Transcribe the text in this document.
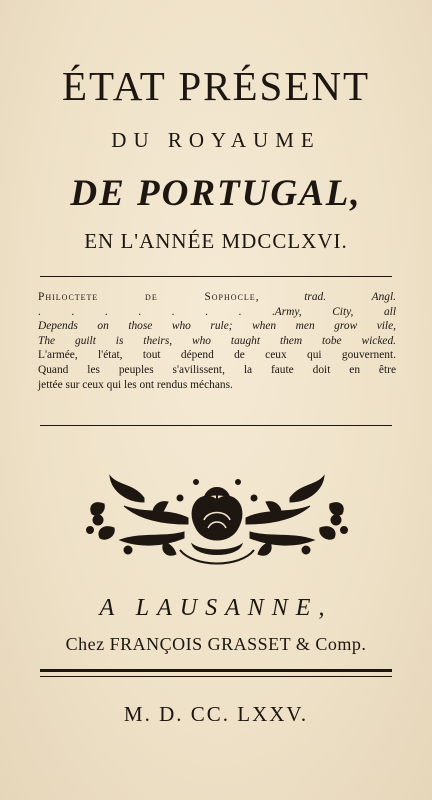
ÉTAT PRÉSENT
DU ROYAUME
DE PORTUGAL,
EN L'ANNÉE MDCCLXVI.
Philoctete de Sophocle, trad. Angl.
. . . . . . . .Army, City, all
Depends on those who rule; when men grow vile,
The guilt is theirs, who taught them tobe wicked.
L'armée, l'état, tout dépend de ceux qui gouvernent.
Quand les peuples s'avilissent, la faute doit en être
jettée sur ceux qui les ont rendus méchans.
A LAUSANNE,
Chez FRANÇOIS GRASSET & Comp.
M. D. CC. LXXV.
